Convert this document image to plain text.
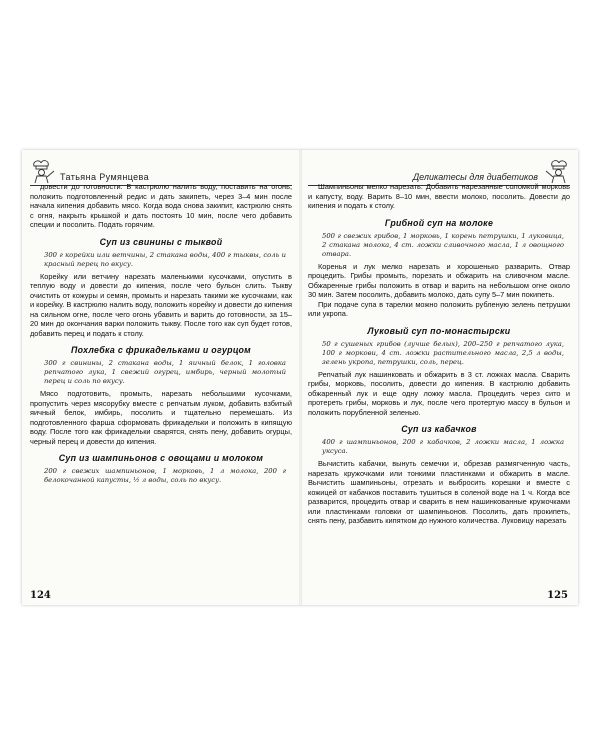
Татьяна Румянцева

довести до готовности. В кастрюлю налить воду, поставить на огонь, положить подготовленный редис и дать закипеть, через 3–4 мин после начала кипения добавить мясо. Когда вода снова закипит, кастрюлю снять с огня, накрыть крышкой и дать постоять 10 мин, после чего добавить специи и посолить. Подать горячим.

Суп из свинины с тыквой

300 г корейки или ветчины, 2 стакана воды, 400 г тыквы, соль и красный перец по вкусу.

Корейку или ветчину нарезать маленькими кусочками, опустить в теплую воду и довести до кипения, после чего бульон слить. Тыкву очистить от кожуры и семян, промыть и нарезать такими же кусочками, как и корейку. В кастрюлю налить воду, положить корейку и довести до кипения на сильном огне, после чего огонь убавить и варить до готовности, за 15–20 мин до окончания варки положить тыкву. После того как суп будет готов, добавить перец и подать к столу.

Похлебка с фрикадельками и огурцом

300 г свинины, 2 стакана воды, 1 яичный белок, 1 головка репчатого лука, 1 свежий огурец, имбирь, черный молотый перец и соль по вкусу.

Мясо подготовить, промыть, нарезать небольшими кусочками, пропустить через мясорубку вместе с репчатым луком, добавить взбитый яичный белок, имбирь, посолить и тщательно перемешать. Из подготовленного фарша сформовать фрикадельки и положить в кипящую воду. После того как фрикадельки сварятся, снять пену, добавить огурцы, черный перец и довести до кипения.

Суп из шампиньонов с овощами и молоком

200 г свежих шампиньонов, 1 морковь, 1 л молока, 200 г белокочанной капусты, ½ л воды, соль по вкусу.

124
Деликатесы для диабетиков

Шампиньоны мелко нарезать. Добавить нарезанные соломкой морковь и капусту, воду. Варить 8–10 мин, ввести молоко, посолить. Довести до кипения и подать к столу.

Грибной суп на молоке

500 г свежих грибов, 1 морковь, 1 корень петрушки, 1 луковица, 2 стакана молока, 4 ст. ложки сливочного масла, 1 л овощного отвара.

Коренья и лук мелко нарезать и хорошенько разварить. Отвар процедить. Грибы промыть, порезать и обжарить на сливочном масле. Обжаренные грибы положить в отвар и варить на небольшом огне около 30 мин. Затем посолить, добавить молоко, дать супу 5–7 мин покипеть.

При подаче супа в тарелки можно положить рубленую зелень петрушки или укропа.

Луковый суп по-монастырски

50 г сушеных грибов (лучше белых), 200–250 г репчатого лука, 100 г моркови, 4 ст. ложки растительного масла, 2,5 л воды, зелень укропа, петрушки, соль, перец.

Репчатый лук нашинковать и обжарить в 3 ст. ложках масла. Сварить грибы, морковь, посолить, довести до кипения. В кастрюлю добавить обжаренный лук и еще одну ложку масла. Процедить через сито и протереть грибы, морковь и лук, после чего протертую массу в бульон и положить порубленной зеленью.

Суп из кабачков

400 г шампиньонов, 200 г кабачков, 2 ложки масла, 1 ложка уксуса.

Вычистить кабачки, вынуть семечки и, обрезав размягченную часть, нарезать кружочками или тонкими пластинками и обжарить в масле. Вычистить шампиньоны, отрезать и выбросить корешки и вместе с кожицей от кабачков поставить тушиться в соленой воде на 1 ч. Когда все разварится, процедить отвар и сварить в нем нашинкованные кружочками или пластинками головки от шампиньонов. Посолить, дать прокипеть, снять пену, разбавить кипятком до нужного количества. Луковицу нарезать

125
